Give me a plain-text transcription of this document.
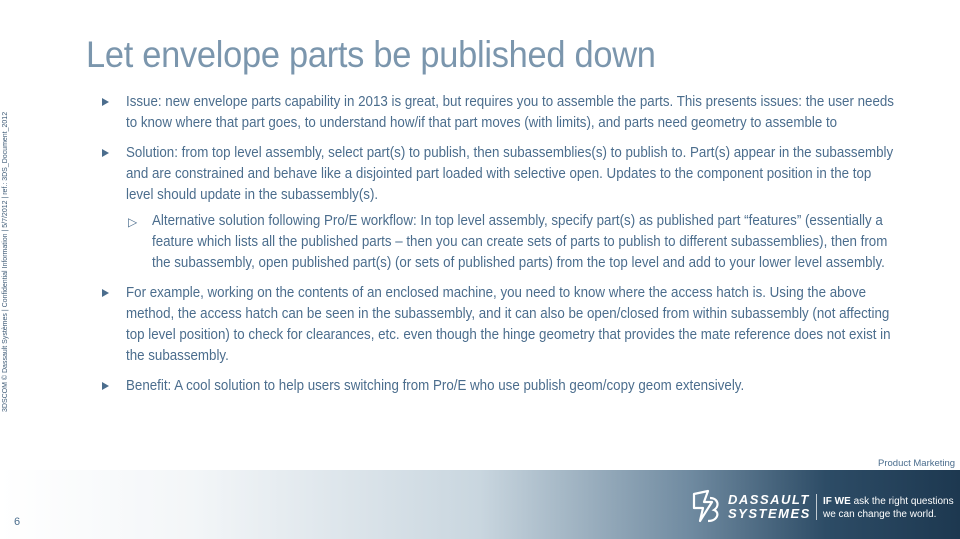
Let envelope parts be published down
3DSCOM © Dassault Systèmes | Confidential Information | 5/7/2012 | ref.: 3DS_Document_2012
Issue: new envelope parts capability in 2013 is great, but requires you to assemble the parts. This presents issues: the user needs to know where that part goes, to understand how/if that part moves (with limits), and parts need geometry to assemble to
Solution: from top level assembly, select part(s) to publish, then subassemblies(s) to publish to. Part(s) appear in the subassembly and are constrained and behave like a disjointed part loaded with selective open. Updates to the component position in the top level should update in the subassembly(s).
▷ Alternative solution following Pro/E workflow: In top level assembly, specify part(s) as published part “features” (essentially a feature which lists all the published parts – then you can create sets of parts to publish to different subassemblies), then from the subassembly, open published part(s) (or sets of published parts) from the top level and add to your lower level assembly.
For example, working on the contents of an enclosed machine, you need to know where the access hatch is. Using the above method, the access hatch can be seen in the subassembly, and it can also be open/closed from within subassembly (not affecting top level position) to check for clearances, etc. even though the hinge geometry that provides the mate reference does not exist in the subassembly.
Benefit: A cool solution to help users switching from Pro/E who use publish geom/copy geom extensively.
Product Marketing
6
DASSAULT
SYSTEMES
IF WE ask the right questions
we can change the world.
